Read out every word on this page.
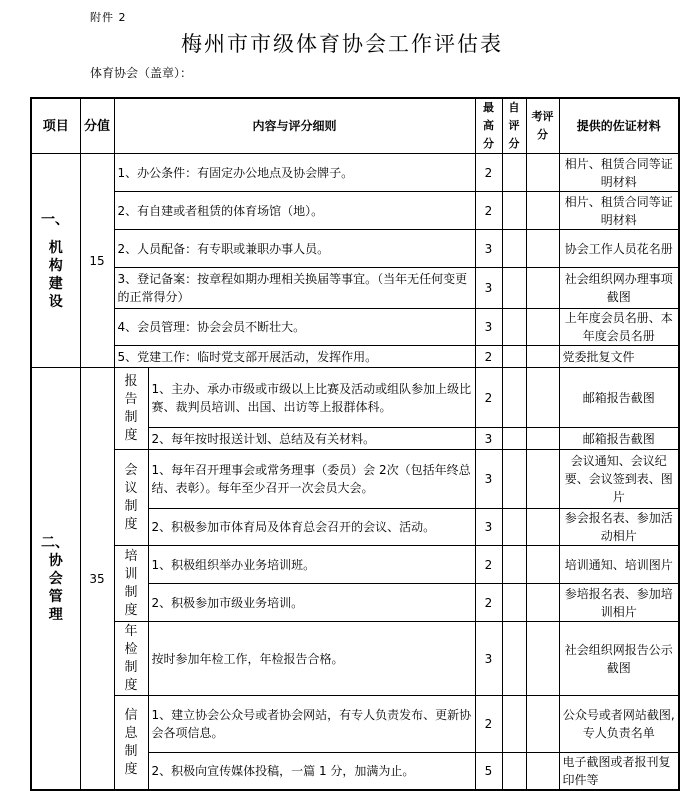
附件 2
梅州市市级体育协会工作评估表
体育协会（盖章）：
项目	分值	内容与评分细则		最高分	自评分	考评分	提供的佐证材料

一、
机
构
建
设	15	1、办公条件：有固定办公地点及协会牌子。		2			相片、租赁合同等证明材料
		2、有自建或者租赁的体育场馆（地）。		2			相片、租赁合同等证明材料
		2、人员配备：有专职或兼职办事人员。		3			协会工作人员花名册
		3、登记备案：按章程如期办理相关换届等事宜。（当年无任何变更的正常得分）		3			社会组织网办理事项截图
		4、会员管理：协会会员不断壮大。		3			上年度会员名册、本年度会员名册
		5、党建工作：临时党支部开展活动，发挥作用。		2			党委批复文件

二、
协
会
管
理	35	报告制度	1、主办、承办市级或市级以上比赛及活动或组队参加上级比赛、裁判员培训、出国、出访等上报群体科。	2			邮箱报告截图
			2、每年按时报送计划、总结及有关材料。	3			邮箱报告截图

		会议制度	1、每年召开理事会或常务理事（委员）会 2次（包括年终总结、表彰）。每年至少召开一次会员大会。	3			会议通知、会议纪要、会议签到表、图片
			2、积极参加市体育局及体育总会召开的会议、活动。	3			参会报名表、参加活动相片

		培训制度	1、积极组织举办业务培训班。	2			培训通知、培训图片
			2、积极参加市级业务培训。	2			参培报名表、参加培训相片

		年检制度	按时参加年检工作，年检报告合格。	3			社会组织网报告公示截图

		信息制度	1、建立协会公众号或者协会网站，有专人负责发布、更新协会各项信息。	2			公众号或者网站截图,专人负责名单
			2、积极向宣传媒体投稿，一篇 1 分，加满为止。	5			电子截图或者报刊复印件等
